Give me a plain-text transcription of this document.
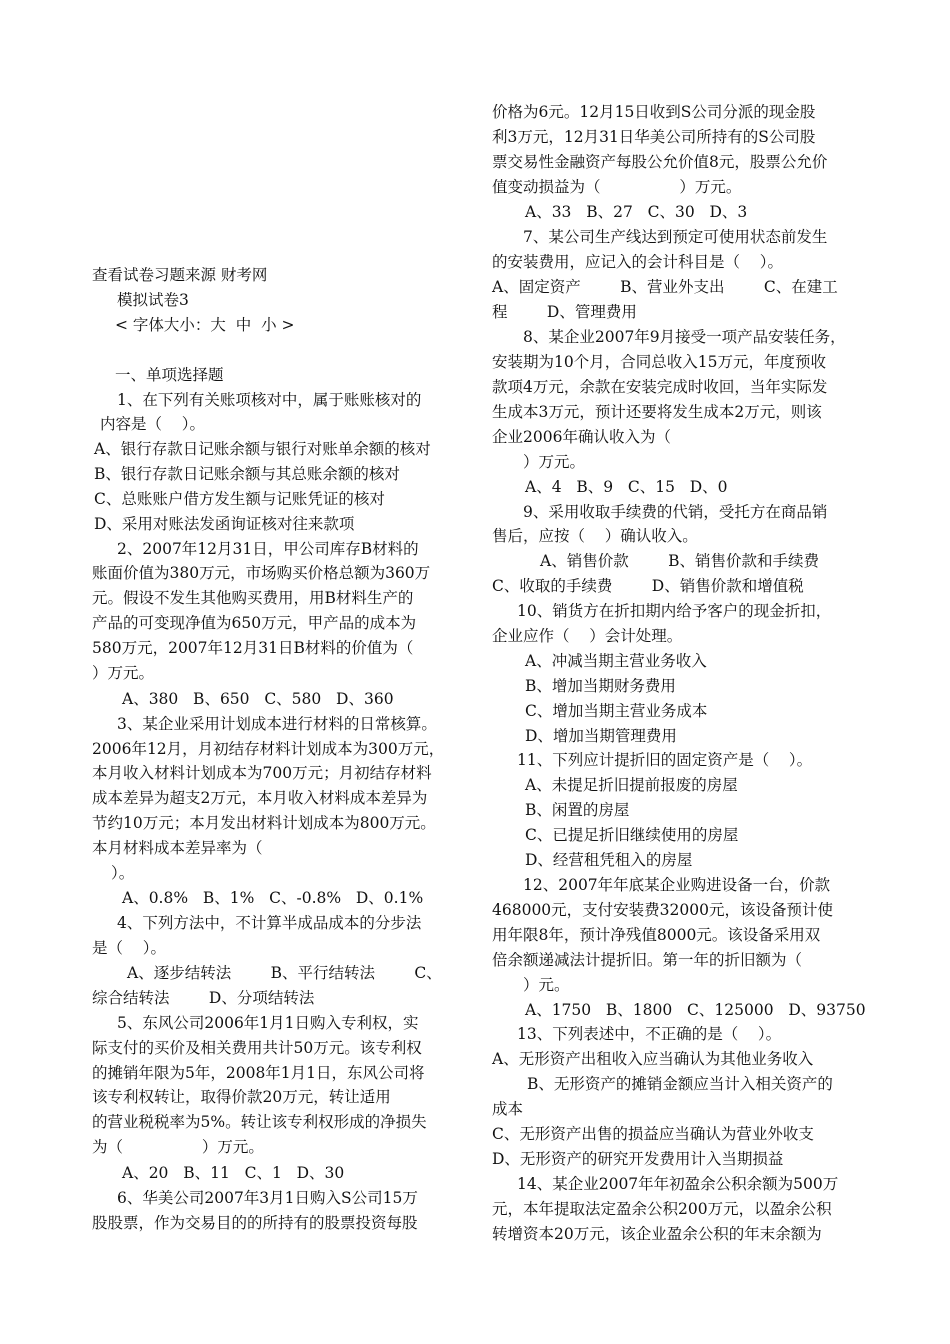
查看试卷习题来源 财考网
模拟试卷3
< 字体大小：大  中  小 >
一、单项选择题
1、在下列有关账项核对中，属于账账核对的
内容是（    ）。
A、银行存款日记账余额与银行对账单余额的核对
B、银行存款日记账余额与其总账余额的核对
C、总账账户借方发生额与记账凭证的核对
D、采用对账法发函询证核对往来款项
2、2007年12月31日，甲公司库存B材料的
账面价值为380万元，市场购买价格总额为360万
元。假设不发生其他购买费用，用B材料生产的
产品的可变现净值为650万元，甲产品的成本为
580万元，2007年12月31日B材料的价值为（
）万元。
A、380   B、650   C、580   D、360
3、某企业采用计划成本进行材料的日常核算。
2006年12月，月初结存材料计划成本为300万元，
本月收入材料计划成本为700万元；月初结存材料
成本差异为超支2万元，本月收入材料成本差异为
节约10万元；本月发出材料计划成本为800万元。
本月材料成本差异率为（
）。
A、0.8%   B、1%   C、-0.8%   D、0.1%
4、下列方法中，不计算半成品成本的分步法
是（    ）。
A、逐步结转法        B、平行结转法        C、
综合结转法        D、分项结转法
5、东风公司2006年1月1日购入专利权，实
际支付的买价及相关费用共计50万元。该专利权
的摊销年限为5年，2008年1月1日，东风公司将
该专利权转让，取得价款20万元，转让适用
的营业税税率为5%。转让该专利权形成的净损失
为（                ）万元。
A、20   B、11   C、1   D、30
6、华美公司2007年3月1日购入S公司15万
股股票，作为交易目的的所持有的股票投资每股
价格为6元。12月15日收到S公司分派的现金股
利3万元，12月31日华美公司所持有的S公司股
票交易性金融资产每股公允价值8元，股票公允价
值变动损益为（                ）万元。
A、33   B、27   C、30   D、3
7、某公司生产线达到预定可使用状态前发生
的安装费用，应记入的会计科目是（    ）。
A、固定资产        B、营业外支出        C、在建工
程        D、管理费用
8、某企业2007年9月接受一项产品安装任务，
安装期为10个月，合同总收入15万元，年度预收
款项4万元，余款在安装完成时收回，当年实际发
生成本3万元，预计还要将发生成本2万元，则该
企业2006年确认收入为（
）万元。
A、4   B、9   C、15   D、0
9、采用收取手续费的代销，受托方在商品销
售后，应按（    ）确认收入。
A、销售价款        B、销售价款和手续费
C、收取的手续费        D、销售价款和增值税
10、销货方在折扣期内给予客户的现金折扣，
企业应作（    ）会计处理。
A、冲减当期主营业务收入
B、增加当期财务费用
C、增加当期主营业务成本
D、增加当期管理费用
11、下列应计提折旧的固定资产是（    ）。
A、未提足折旧提前报废的房屋
B、闲置的房屋
C、已提足折旧继续使用的房屋
D、经营租凭租入的房屋
12、2007年年底某企业购进设备一台，价款
468000元，支付安装费32000元，该设备预计使
用年限8年，预计净残值8000元。该设备采用双
倍余额递减法计提折旧。第一年的折旧额为（
）元。
A、1750   B、1800   C、125000   D、93750
13、下列表述中，不正确的是（    ）。
A、无形资产出租收入应当确认为其他业务收入
B、无形资产的摊销金额应当计入相关资产的
成本
C、无形资产出售的损益应当确认为营业外收支
D、无形资产的研究开发费用计入当期损益
14、某企业2007年年初盈余公积余额为500万
元，本年提取法定盈余公积200万元，以盈余公积
转增资本20万元，该企业盈余公积的年末余额为
